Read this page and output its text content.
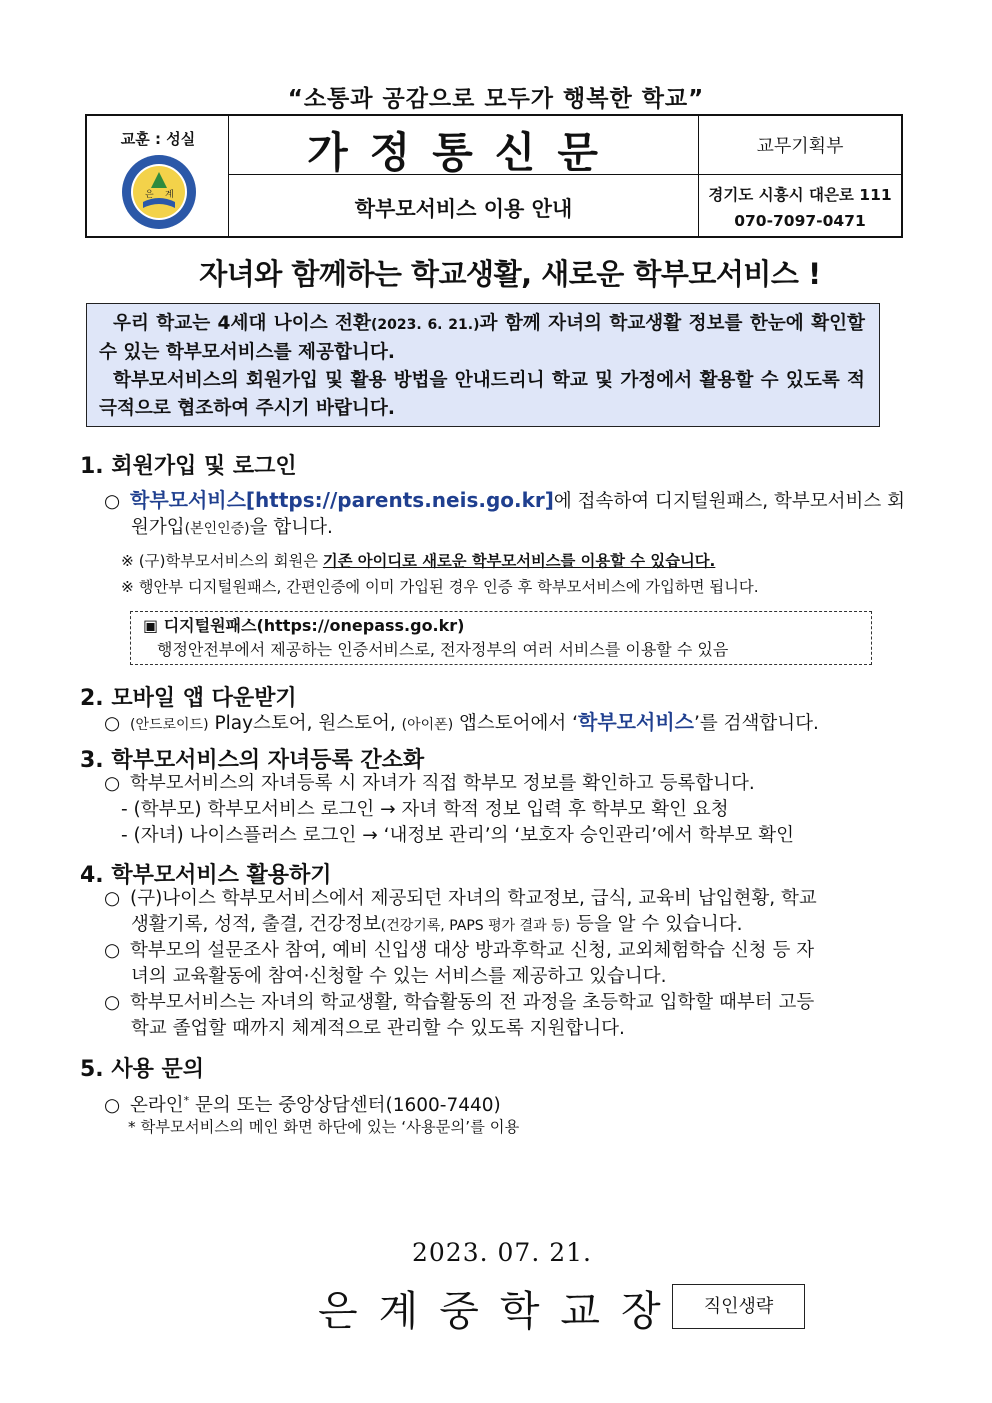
“소통과 공감으로 모두가 행복한 학교”
교훈 : 성실
은 계
가정통신문
학부모서비스 이용 안내
교무기획부
경기도 시흥시 대은로 111
070-7097-0471
자녀와 함께하는 학교생활, 새로운 학부모서비스 !

우리 학교는 4세대 나이스 전환(2023. 6. 21.)과 함께 자녀의 학교생활 정보를 한눈에 확인할 수 있는 학부모서비스를 제공합니다.

학부모서비스의 회원가입 및 활용 방법을 안내드리니 학교 및 가정에서 활용할 수 있도록 적극적으로 협조하여 주시기 바랍니다.

1. 회원가입 및 로그인
○ 학부모서비스[https://parents.neis.go.kr]에 접속하여 디지털원패스, 학부모서비스 회
원가입(본인인증)을 합니다.
※ (구)학부모서비스의 회원은 기존 아이디로 새로운 학부모서비스를 이용할 수 있습니다.
※ 행안부 디지털원패스, 간편인증에 이미 가입된 경우 인증 후 학부모서비스에 가입하면 됩니다.
▣ 디지털원패스(https://onepass.go.kr)
행정안전부에서 제공하는 인증서비스로, 전자정부의 여러 서비스를 이용할 수 있음
2. 모바일 앱 다운받기
○ (안드로이드) Play스토어, 원스토어, (아이폰) 앱스토어에서 ‘학부모서비스’를 검색합니다.
3. 학부모서비스의 자녀등록 간소화
○ 학부모서비스의 자녀등록 시 자녀가 직접 학부모 정보를 확인하고 등록합니다.
- (학부모) 학부모서비스 로그인 → 자녀 학적 정보 입력 후 학부모 확인 요청
- (자녀) 나이스플러스 로그인 → ‘내정보 관리’의 ‘보호자 승인관리’에서 학부모 확인
4. 학부모서비스 활용하기
○ (구)나이스 학부모서비스에서 제공되던 자녀의 학교정보, 급식, 교육비 납입현황, 학교
생활기록, 성적, 출결, 건강정보(건강기록, PAPS 평가 결과 등) 등을 알 수 있습니다.
○ 학부모의 설문조사 참여, 예비 신입생 대상 방과후학교 신청, 교외체험학습 신청 등 자
녀의 교육활동에 참여·신청할 수 있는 서비스를 제공하고 있습니다.
○ 학부모서비스는 자녀의 학교생활, 학습활동의 전 과정을 초등학교 입학할 때부터 고등
학교 졸업할 때까지 체계적으로 관리할 수 있도록 지원합니다.
5. 사용 문의
○ 온라인* 문의 또는 중앙상담센터(1600-7440)
* 학부모서비스의 메인 화면 하단에 있는 ‘사용문의’를 이용
2023. 07. 21.
은계중학교장	직인생략
